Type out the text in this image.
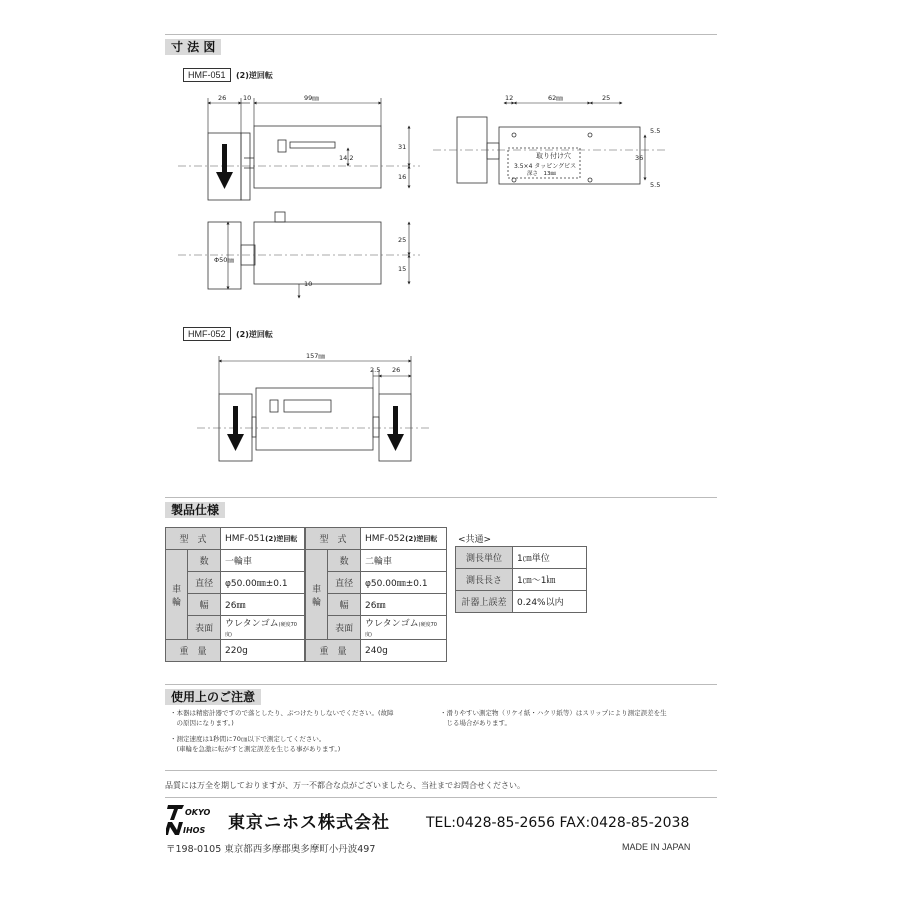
寸 法 図
HMF-051	(2)逆回転
26	10	99㎜
31
16
14.2
25
15
Φ50㎜
10
12	62㎜	25
5.5
36
5.5
取り付け穴
3.5×4 タッピングビス
深さ　13㎜
HMF-052	(2)逆回転
157㎜
2.5 26
製品仕様
型　式		HMF-051(2)逆回転
車輪	数	一輪車
	直径	φ50.00㎜±0.1
	幅	26㎜
	表面	ウレタンゴム(硬度70度)
重　量		220g
型　式		HMF-052(2)逆回転
車輪	数	二輪車
	直径	φ50.00㎜±0.1
	幅	26㎜
	表面	ウレタンゴム(硬度70度)
重　量		240g
<共通>
測長単位	1㎝単位
測長長さ	1㎝～1㎞
計器上誤差	0.24%以内
使用上のご注意
・本器は精密計器ですので落としたり、ぶつけたりしないでください。(故障
　の原因になります。)
・測定速度は1秒間に70㎝以下で測定してください。
　(車輪を急激に転がすと測定誤差を生じる事があります。)
・滑りやすい測定物（リケイ紙・ハクリ紙等）はスリップにより測定誤差を生
　じる場合があります。
品質には万全を期しておりますが、万一不都合な点がございましたら、当社までお問合せください。
OKYO
IHOS 東京ニホス株式会社	TEL:0428-85-2656 FAX:0428-85-2038
〒198-0105 東京都西多摩郡奥多摩町小丹波497	MADE IN JAPAN
